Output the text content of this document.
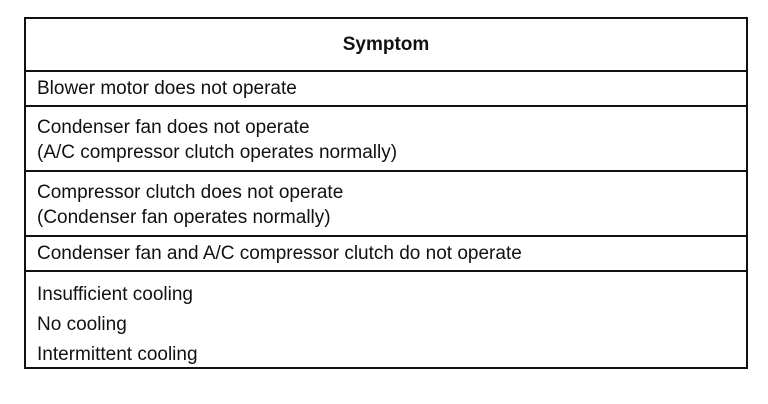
Symptom
Blower motor does not operate
Condenser fan does not operate
(A/C compressor clutch operates normally)
Compressor clutch does not operate
(Condenser fan operates normally)
Condenser fan and A/C compressor clutch do not operate
Insufficient cooling
No cooling
Intermittent cooling
